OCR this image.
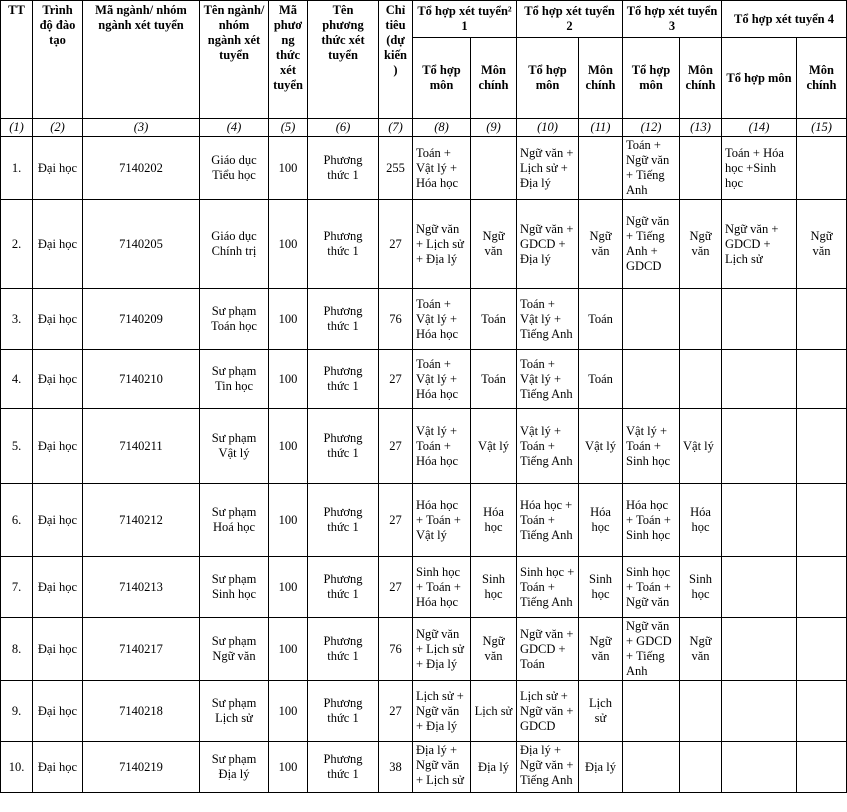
TT	Trình độ đào tạo	Mã ngành/ nhóm ngành xét tuyển	Tên ngành/ nhóm ngành xét tuyển	Mã phương thức xét tuyển	Tên phương thức xét tuyển	Chỉ tiêu (dự kiến)	Tổ hợp xét tuyển² 1		Tổ hợp xét tuyển 2		Tổ hợp xét tuyển 3		Tổ hợp xét tuyển 4	
							Tổ hợp môn	Môn chính	Tổ hợp môn	Môn chính	Tổ hợp môn	Môn chính	Tổ hợp môn	Môn chính
(1)	(2)	(3)	(4)	(5)	(6)	(7)	(8)	(9)	(10)	(11)	(12)	(13)	(14)	(15)
1.	Đại học	7140202	Giáo dục Tiểu học	100	Phương thức 1	255	Toán + Vật lý + Hóa học		Ngữ văn + Lịch sử + Địa lý		Toán + Ngữ văn + Tiếng Anh		Toán + Hóa học +Sinh học	
2.	Đại học	7140205	Giáo dục Chính trị	100	Phương thức 1	27	Ngữ văn + Lịch sử + Địa lý	Ngữ văn	Ngữ văn + GDCD + Địa lý	Ngữ văn	Ngữ văn + Tiếng Anh + GDCD	Ngữ văn	Ngữ văn + GDCD + Lịch sử	Ngữ văn
3.	Đại học	7140209	Sư phạm Toán học	100	Phương thức 1	76	Toán + Vật lý + Hóa học	Toán	Toán + Vật lý + Tiếng Anh	Toán				
4.	Đại học	7140210	Sư phạm Tin học	100	Phương thức 1	27	Toán + Vật lý + Hóa học	Toán	Toán + Vật lý + Tiếng Anh	Toán				
5.	Đại học	7140211	Sư phạm Vật lý	100	Phương thức 1	27	Vật lý + Toán + Hóa học	Vật lý	Vật lý + Toán + Tiếng Anh	Vật lý	Vật lý + Toán + Sinh học	Vật lý		
6.	Đại học	7140212	Sư phạm Hoá học	100	Phương thức 1	27	Hóa học + Toán + Vật lý	Hóa học	Hóa học + Toán + Tiếng Anh	Hóa học	Hóa học + Toán + Sinh học	Hóa học		
7.	Đại học	7140213	Sư phạm Sinh học	100	Phương thức 1	27	Sinh học + Toán + Hóa học	Sinh học	Sinh học + Toán + Tiếng Anh	Sinh học	Sinh học + Toán + Ngữ văn	Sinh học		
8.	Đại học	7140217	Sư phạm Ngữ văn	100	Phương thức 1	76	Ngữ văn + Lịch sử + Địa lý	Ngữ văn	Ngữ văn + GDCD + Toán	Ngữ văn	Ngữ văn + GDCD + Tiếng Anh	Ngữ văn		
9.	Đại học	7140218	Sư phạm Lịch sử	100	Phương thức 1	27	Lịch sử + Ngữ văn + Địa lý	Lịch sử	Lịch sử + Ngữ văn + GDCD	Lịch sử				
10.	Đại học	7140219	Sư phạm Địa lý	100	Phương thức 1	38	Địa lý + Ngữ văn + Lịch sử	Địa lý	Địa lý + Ngữ văn + Tiếng Anh	Địa lý				
